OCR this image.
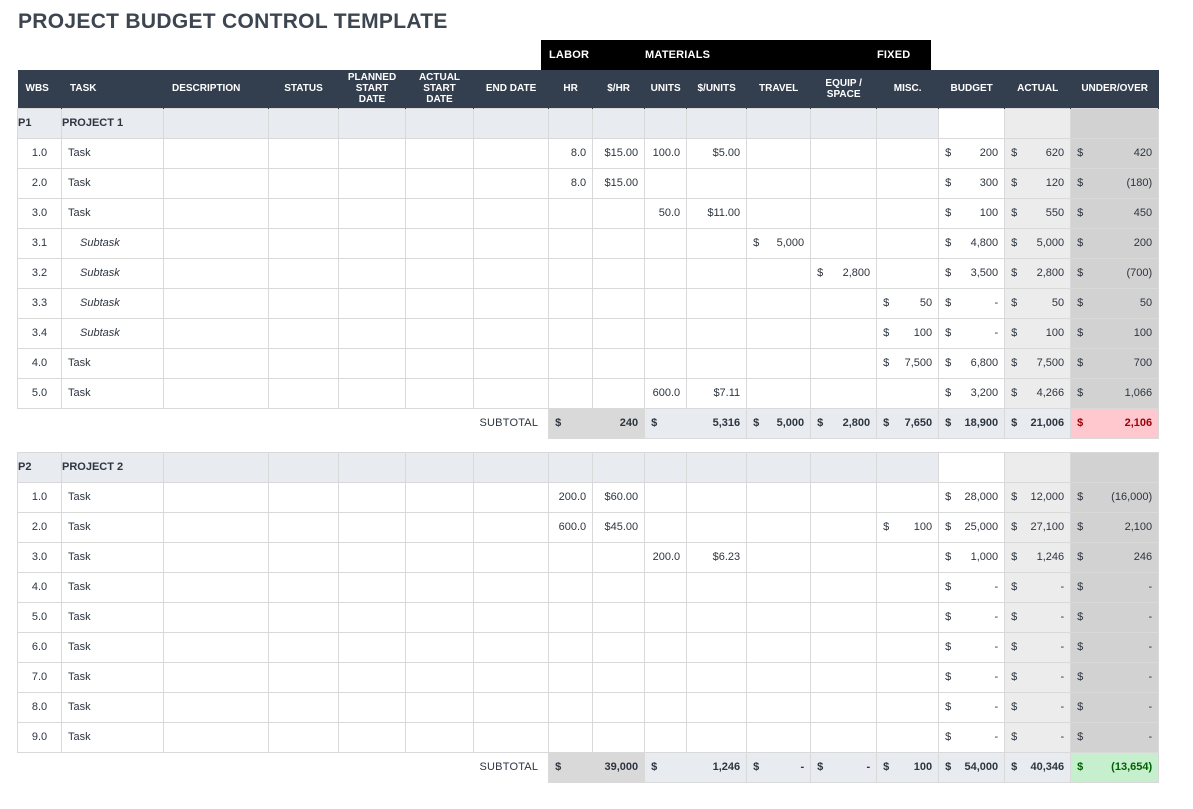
PROJECT BUDGET CONTROL TEMPLATE
	LABOR	MATERIALS	FIXED	
WBS	TASK	DESCRIPTION	STATUS	PLANNED START DATE	ACTUAL START DATE	END DATE	HR	$/HR	UNITS	$/UNITS	TRAVEL	EQUIP / SPACE	MISC.	BUDGET	ACTUAL	UNDER/OVER
P1	PROJECT 1															
1.0	Task						8.0	$15.00	100.0	$5.00				$ 200	$ 620	$ 420

2.0	Task						8.0	$15.00						$ 300	$ 120	$ (180)

3.0	Task								50.0	$11.00				$ 100	$ 550	$ 450

3.1	Subtask										$ 5,000			$ 4,800	$ 5,000	$ 200

3.2	Subtask											$ 2,800		$ 3,500	$ 2,800	$ (700)

3.3	Subtask												$ 50	$ -	$ 50	$ 50

3.4	Subtask												$ 100	$ -	$ 100	$ 100

4.0	Task												$ 7,500	$ 6,800	$ 7,500	$ 700

5.0	Task								600.0	$7.11				$ 3,200	$ 4,266	$ 1,066

						SUBTOTAL	$ 240		$ 5,316		$ 5,000	$ 2,800	$ 7,650	$ 18,900	$ 21,006	$ 2,106

P2	PROJECT 2															
1.0	Task						200.0	$60.00						$ 28,000	$ 12,000	$ (16,000)

2.0	Task						600.0	$45.00					$ 100	$ 25,000	$ 27,100	$ 2,100

3.0	Task								200.0	$6.23				$ 1,000	$ 1,246	$ 246

4.0	Task													$ -	$ -	$ -

5.0	Task													$ -	$ -	$ -

6.0	Task													$ -	$ -	$ -

7.0	Task													$ -	$ -	$ -

8.0	Task													$ -	$ -	$ -

9.0	Task													$ -	$ -	$ -

						SUBTOTAL	$ 39,000		$ 1,246		$ -	$ -	$ 100	$ 54,000	$ 40,346	$ (13,654)
